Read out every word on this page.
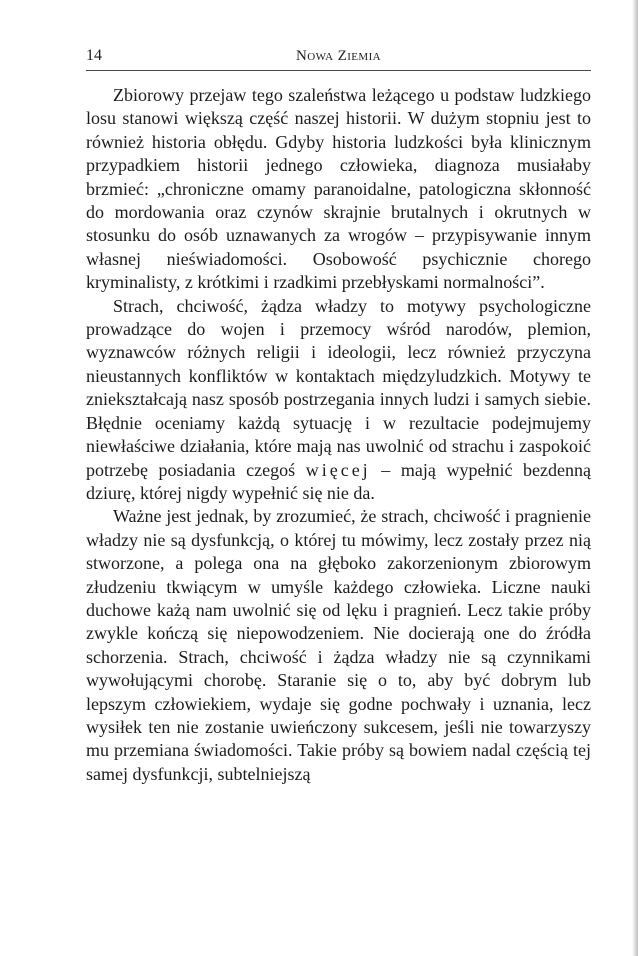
14	Nowa Ziemia

Zbiorowy przejaw tego szaleństwa leżącego u podstaw ludzkiego losu stanowi większą część naszej historii. W dużym stopniu jest to również historia obłędu. Gdyby historia ludzkości była klinicznym przypadkiem historii jednego człowieka, diagnoza musiałaby brzmieć: „chroniczne omamy paranoidalne, patologiczna skłonność do mordowania oraz czynów skrajnie brutalnych i okrutnych w stosunku do osób uznawanych za wrogów – przypisywanie innym własnej nieświadomości. Osobowość psychicznie chorego kryminalisty, z krótkimi i rzadkimi przebłyskami normalności”.

Strach, chciwość, żądza władzy to motywy psychologiczne prowadzące do wojen i przemocy wśród narodów, plemion, wyznawców różnych religii i ideologii, lecz również przyczyna nieustannych konfliktów w kontaktach międzyludzkich. Motywy te zniekształcają nasz sposób postrzegania innych ludzi i samych siebie. Błędnie oceniamy każdą sytuację i w rezultacie podejmujemy niewłaściwe działania, które mają nas uwolnić od strachu i zaspokoić potrzebę posiadania czegoś więcej – mają wypełnić bezdenną dziurę, której nigdy wypełnić się nie da.

Ważne jest jednak, by zrozumieć, że strach, chciwość i pragnienie władzy nie są dysfunkcją, o której tu mówimy, lecz zostały przez nią stworzone, a polega ona na głęboko zakorzenionym zbiorowym złudzeniu tkwiącym w umyśle każdego człowieka. Liczne nauki duchowe każą nam uwolnić się od lęku i pragnień. Lecz takie próby zwykle kończą się niepowodzeniem. Nie docierają one do źródła schorzenia. Strach, chciwość i żądza władzy nie są czynnikami wywołującymi chorobę. Staranie się o to, aby być dobrym lub lepszym człowiekiem, wydaje się godne pochwały i uznania, lecz wysiłek ten nie zostanie uwieńczony sukcesem, jeśli nie towarzyszy mu przemiana świadomości. Takie próby są bowiem nadal częścią tej samej dysfunkcji, subtelniejszą
